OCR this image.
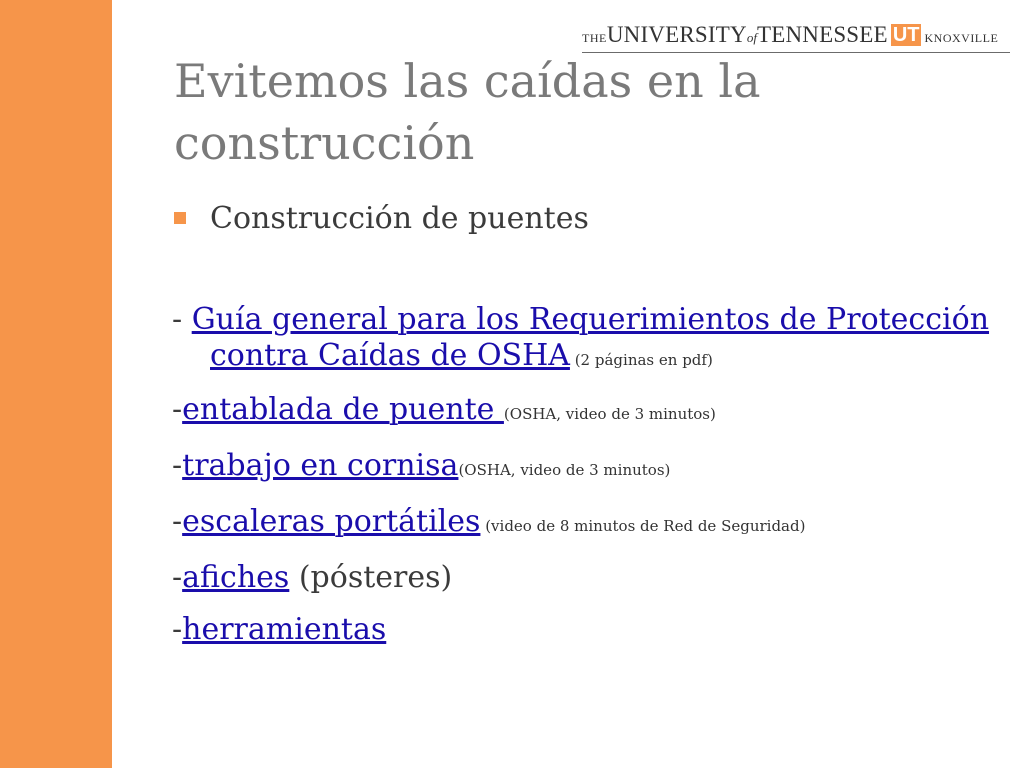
THEUNIVERSITYofTENNESSEE UT KNOXVILLE
Evitemos las caídas en la construcción
Construcción de puentes
- Guía general para los Requerimientos de Protección contra Caídas de OSHA (2 páginas en pdf)
-entablada de puente (OSHA, video de 3 minutos)
-trabajo en cornisa(OSHA, video de 3 minutos)
-escaleras portátiles (video de 8 minutos de Red de Seguridad)
-afiches (pósteres)
-herramientas
